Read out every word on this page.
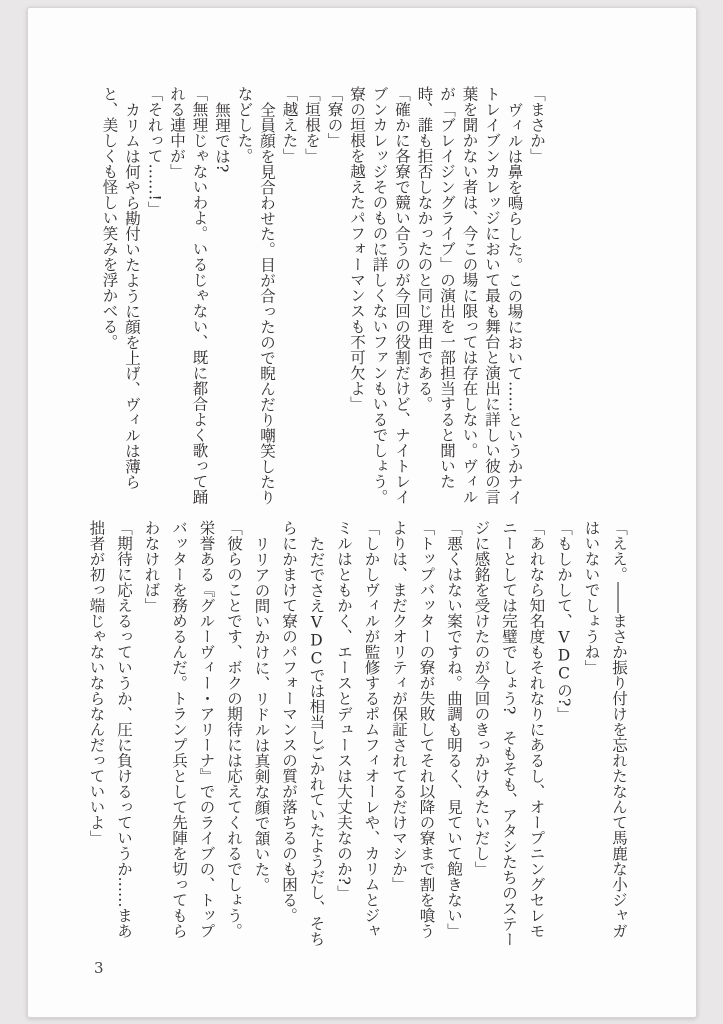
「まさか」

ヴィルは鼻を鳴らした。この場において……というかナイトレイブンカレッジにおいて最も舞台と演出に詳しい彼の言葉を聞かない者は、今この場に限っては存在しない。ヴィルが「ブレイジングライブ」の演出を一部担当すると聞いた時、誰も拒否しなかったのと同じ理由である。

「確かに各寮で競い合うのが今回の役割だけど、ナイトレイブンカレッジそのものに詳しくないファンもいるでしょう。寮の垣根を越えたパフォーマンスも不可欠よ」

「寮の」

「垣根を」

「越えた」

全員顔を見合わせた。目が合ったので睨んだり嘲笑したりなどした。

無理では?

「無理じゃないわよ。いるじゃない、既に都合よく歌って踊れる連中が」

「それって……!」

カリムは何やら勘付いたように顔を上げ、ヴィルは薄らと、美しくも怪しい笑みを浮かべる。

「ええ。――まさか振り付けを忘れたなんて馬鹿な小ジャガはいないでしょうね」

「もしかして、VDCの?」

「あれなら知名度もそれなりにあるし、オープニングセレモニーとしては完璧でしょう?　そもそも、アタシたちのステージに感銘を受けたのが今回のきっかけみたいだし」

「悪くはない案ですね。曲調も明るく、見ていて飽きない」

「トップバッターの寮が失敗してそれ以降の寮まで割を喰うよりは、まだクオリティが保証されてるだけマシか」

「しかしヴィルが監修するポムフィオーレや、カリムとジャミルはともかく、エースとデュースは大丈夫なのか?」

ただでさえVDCでは相当しごかれていたようだし、そちらにかまけて寮のパフォーマンスの質が落ちるのも困る。

リリアの問いかけに、リドルは真剣な顔で頷いた。

「彼らのことです、ボクの期待には応えてくれるでしょう。栄誉ある『グルーヴィー・アリーナ』でのライブの、トップバッターを務めるんだ。トランプ兵として先陣を切ってもらわなければ」

「期待に応えるっていうか、圧に負けるっていうか……まあ拙者が初っ端じゃないならなんだっていいよ」

3
